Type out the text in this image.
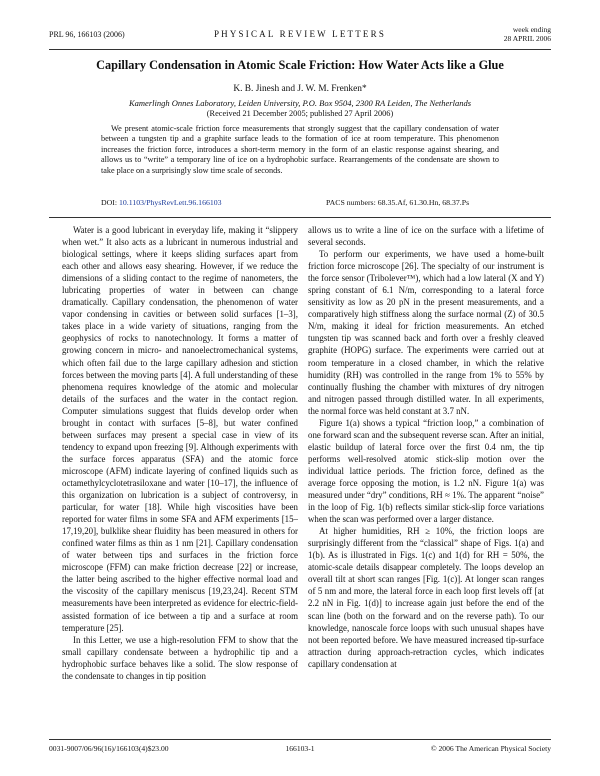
PRL 96, 166103 (2006)	PHYSICAL REVIEW LETTERS	week ending
28 APRIL 2006
Capillary Condensation in Atomic Scale Friction: How Water Acts like a Glue
K. B. Jinesh and J. W. M. Frenken*
Kamerlingh Onnes Laboratory, Leiden University, P.O. Box 9504, 2300 RA Leiden, The Netherlands
(Received 21 December 2005; published 27 April 2006)
We present atomic-scale friction force measurements that strongly suggest that the capillary condensation of water between a tungsten tip and a graphite surface leads to the formation of ice at room temperature. This phenomenon increases the friction force, introduces a short-term memory in the form of an elastic response against shearing, and allows us to “write” a temporary line of ice on a hydrophobic surface. Rearrangements of the condensate are shown to take place on a surprisingly slow time scale of seconds.
DOI: 10.1103/PhysRevLett.96.166103	PACS numbers: 68.35.Af, 61.30.Hn, 68.37.Ps

Water is a good lubricant in everyday life, making it “slippery when wet.” It also acts as a lubricant in numerous industrial and biological settings, where it keeps sliding surfaces apart from each other and allows easy shearing. However, if we reduce the dimensions of a sliding contact to the regime of nanometers, the lubricating properties of water in between can change dramatically. Capillary condensation, the phenomenon of water vapor condensing in cavities or between solid surfaces [1–3], takes place in a wide variety of situations, ranging from the geophysics of rocks to nanotechnology. It forms a matter of growing concern in micro- and nanoelectromechanical systems, which often fail due to the large capillary adhesion and stiction forces between the moving parts [4]. A full understanding of these phenomena requires knowledge of the atomic and molecular details of the surfaces and the water in the contact region. Computer simulations suggest that fluids develop order when brought in contact with surfaces [5–8], but water confined between surfaces may present a special case in view of its tendency to expand upon freezing [9]. Although experiments with the surface forces apparatus (SFA) and the atomic force microscope (AFM) indicate layering of confined liquids such as octamethylcyclotetrasiloxane and water [10–17], the influence of this organization on lubrication is a subject of controversy, in particular, for water [18]. While high viscosities have been reported for water films in some SFA and AFM experiments [15–17,19,20], bulklike shear fluidity has been measured in others for confined water films as thin as 1 nm [21]. Capillary condensation of water between tips and surfaces in the friction force microscope (FFM) can make friction decrease [22] or increase, the latter being ascribed to the higher effective normal load and the viscosity of the capillary meniscus [19,23,24]. Recent STM measurements have been interpreted as evidence for electric-field-assisted formation of ice between a tip and a surface at room temperature [25].

In this Letter, we use a high-resolution FFM to show that the small capillary condensate between a hydrophilic tip and a hydrophobic surface behaves like a solid. The slow response of the condensate to changes in tip position

allows us to write a line of ice on the surface with a lifetime of several seconds.

To perform our experiments, we have used a home-built friction force microscope [26]. The specialty of our instrument is the force sensor (Tribolever™), which had a low lateral (X and Y) spring constant of 6.1 N/m, corresponding to a lateral force sensitivity as low as 20 pN in the present measurements, and a comparatively high stiffness along the surface normal (Z) of 30.5 N/m, making it ideal for friction measurements. An etched tungsten tip was scanned back and forth over a freshly cleaved graphite (HOPG) surface. The experiments were carried out at room temperature in a closed chamber, in which the relative humidity (RH) was controlled in the range from 1% to 55% by continually flushing the chamber with mixtures of dry nitrogen and nitrogen passed through distilled water. In all experiments, the normal force was held constant at 3.7 nN.

Figure 1(a) shows a typical “friction loop,” a combination of one forward scan and the subsequent reverse scan. After an initial, elastic buildup of lateral force over the first 0.4 nm, the tip performs well-resolved atomic stick-slip motion over the individual lattice periods. The friction force, defined as the average force opposing the motion, is 1.2 nN. Figure 1(a) was measured under “dry” conditions, RH ≈ 1%. The apparent “noise” in the loop of Fig. 1(b) reflects similar stick-slip force variations when the scan was performed over a larger distance.

At higher humidities, RH ≥ 10%, the friction loops are surprisingly different from the “classical” shape of Figs. 1(a) and 1(b). As is illustrated in Figs. 1(c) and 1(d) for RH = 50%, the atomic-scale details disappear completely. The loops develop an overall tilt at short scan ranges [Fig. 1(c)]. At longer scan ranges of 5 nm and more, the lateral force in each loop first levels off [at 2.2 nN in Fig. 1(d)] to increase again just before the end of the scan line (both on the forward and on the reverse path). To our knowledge, nanoscale force loops with such unusual shapes have not been reported before. We have measured increased tip-surface attraction during approach-retraction cycles, which indicates capillary condensation at

0031-9007/06/96(16)/166103(4)$23.00	166103-1	© 2006 The American Physical Society
